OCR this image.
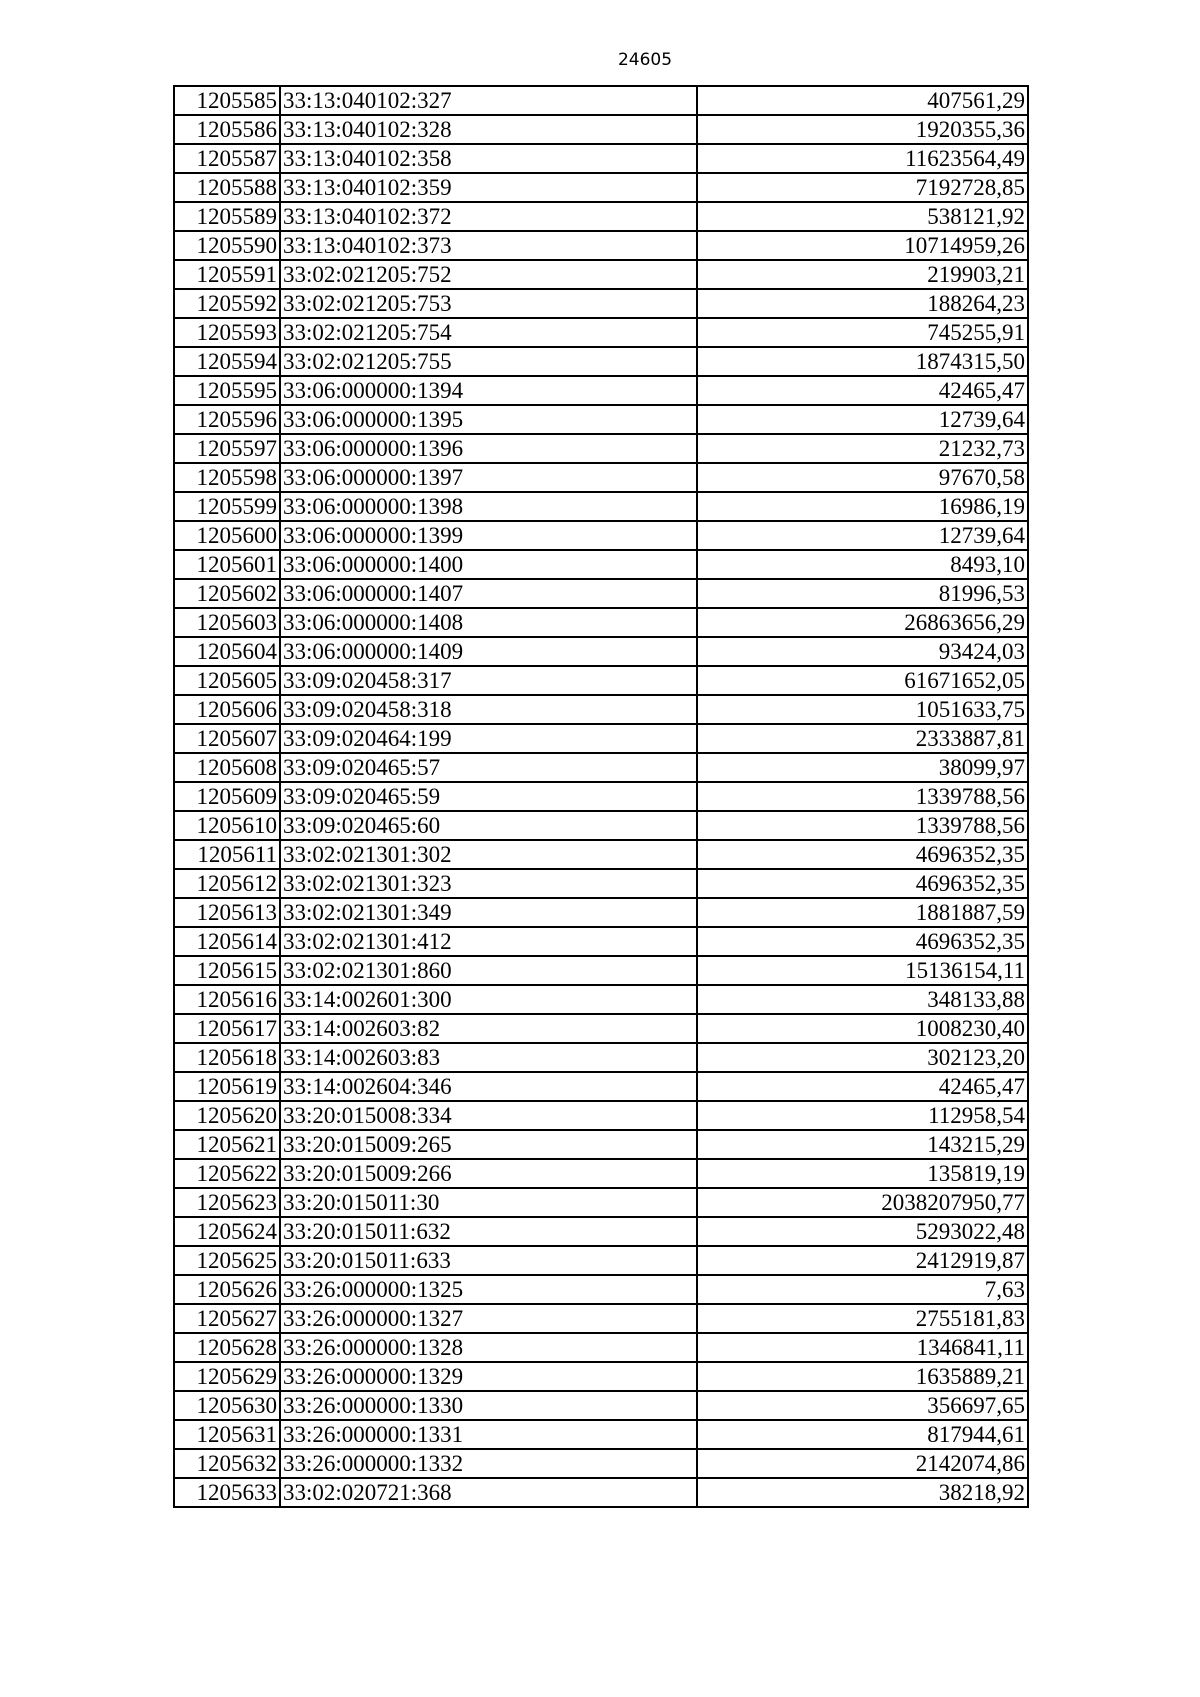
24605
1205585	33:13:040102:327	407561,29
1205586	33:13:040102:328	1920355,36
1205587	33:13:040102:358	11623564,49
1205588	33:13:040102:359	7192728,85
1205589	33:13:040102:372	538121,92
1205590	33:13:040102:373	10714959,26
1205591	33:02:021205:752	219903,21
1205592	33:02:021205:753	188264,23
1205593	33:02:021205:754	745255,91
1205594	33:02:021205:755	1874315,50
1205595	33:06:000000:1394	42465,47
1205596	33:06:000000:1395	12739,64
1205597	33:06:000000:1396	21232,73
1205598	33:06:000000:1397	97670,58
1205599	33:06:000000:1398	16986,19
1205600	33:06:000000:1399	12739,64
1205601	33:06:000000:1400	8493,10
1205602	33:06:000000:1407	81996,53
1205603	33:06:000000:1408	26863656,29
1205604	33:06:000000:1409	93424,03
1205605	33:09:020458:317	61671652,05
1205606	33:09:020458:318	1051633,75
1205607	33:09:020464:199	2333887,81
1205608	33:09:020465:57	38099,97
1205609	33:09:020465:59	1339788,56
1205610	33:09:020465:60	1339788,56
1205611	33:02:021301:302	4696352,35
1205612	33:02:021301:323	4696352,35
1205613	33:02:021301:349	1881887,59
1205614	33:02:021301:412	4696352,35
1205615	33:02:021301:860	15136154,11
1205616	33:14:002601:300	348133,88
1205617	33:14:002603:82	1008230,40
1205618	33:14:002603:83	302123,20
1205619	33:14:002604:346	42465,47
1205620	33:20:015008:334	112958,54
1205621	33:20:015009:265	143215,29
1205622	33:20:015009:266	135819,19
1205623	33:20:015011:30	2038207950,77
1205624	33:20:015011:632	5293022,48
1205625	33:20:015011:633	2412919,87
1205626	33:26:000000:1325	7,63
1205627	33:26:000000:1327	2755181,83
1205628	33:26:000000:1328	1346841,11
1205629	33:26:000000:1329	1635889,21
1205630	33:26:000000:1330	356697,65
1205631	33:26:000000:1331	817944,61
1205632	33:26:000000:1332	2142074,86
1205633	33:02:020721:368	38218,92
